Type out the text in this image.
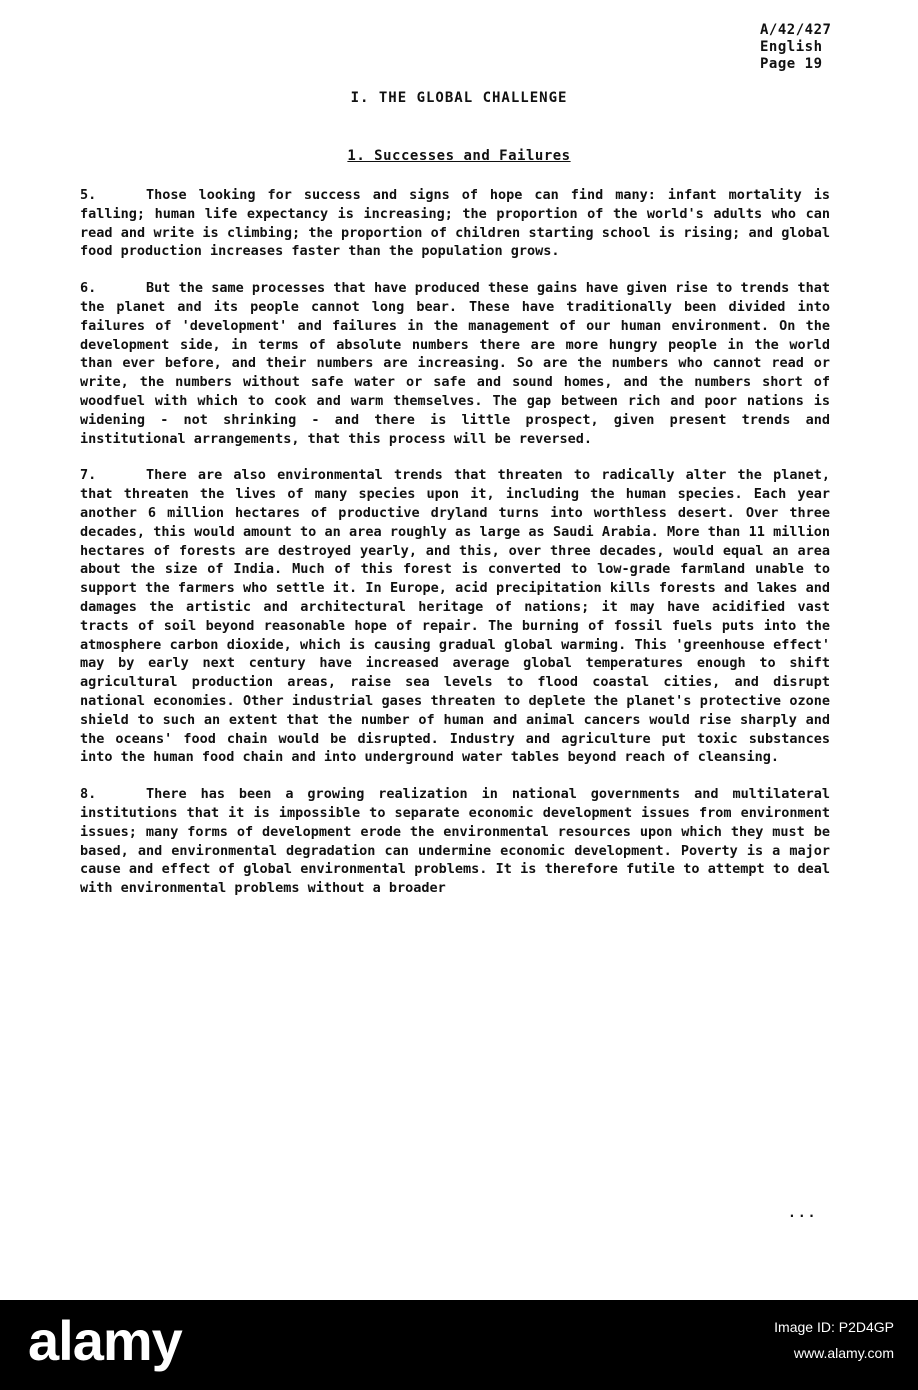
A/42/427
English
Page 19
I. THE GLOBAL CHALLENGE
1. Successes and Failures

5.	Those looking for success and signs of hope can find many: infant mortality is falling; human life expectancy is increasing; the proportion of the world's adults who can read and write is climbing; the proportion of children starting school is rising; and global food production increases faster than the population grows.

6.	But the same processes that have produced these gains have given rise to trends that the planet and its people cannot long bear. These have traditionally been divided into failures of 'development' and failures in the management of our human environment. On the development side, in terms of absolute numbers there are more hungry people in the world than ever before, and their numbers are increasing. So are the numbers who cannot read or write, the numbers without safe water or safe and sound homes, and the numbers short of woodfuel with which to cook and warm themselves. The gap between rich and poor nations is widening - not shrinking - and there is little prospect, given present trends and institutional arrangements, that this process will be reversed.

7.	There are also environmental trends that threaten to radically alter the planet, that threaten the lives of many species upon it, including the human species. Each year another 6 million hectares of productive dryland turns into worthless desert. Over three decades, this would amount to an area roughly as large as Saudi Arabia. More than 11 million hectares of forests are destroyed yearly, and this, over three decades, would equal an area about the size of India. Much of this forest is converted to low-grade farmland unable to support the farmers who settle it. In Europe, acid precipitation kills forests and lakes and damages the artistic and architectural heritage of nations; it may have acidified vast tracts of soil beyond reasonable hope of repair. The burning of fossil fuels puts into the atmosphere carbon dioxide, which is causing gradual global warming. This 'greenhouse effect' may by early next century have increased average global temperatures enough to shift agricultural production areas, raise sea levels to flood coastal cities, and disrupt national economies. Other industrial gases threaten to deplete the planet's protective ozone shield to such an extent that the number of human and animal cancers would rise sharply and the oceans' food chain would be disrupted. Industry and agriculture put toxic substances into the human food chain and into underground water tables beyond reach of cleansing.

8.	There has been a growing realization in national governments and multilateral institutions that it is impossible to separate economic development issues from environment issues; many forms of development erode the environmental resources upon which they must be based, and environmental degradation can undermine economic development. Poverty is a major cause and effect of global environmental problems. It is therefore futile to attempt to deal with environmental problems without a broader

...
alamy	Image ID: P2D4GP
www.alamy.com
